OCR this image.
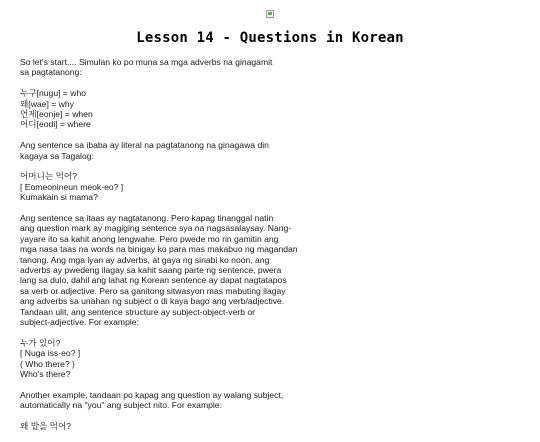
Lesson 14 - Questions in Korean

So let's start.... Simulan ko po muna sa mga adverbs na ginagamit
sa pagtatanong:

누구[nugu] = who
왜[wae] = why
언제[eonje] = when
어디[eodi] = where

Ang sentence sa ibaba ay literal na pagtatanong na ginagawa din
kagaya sa Tagalog:

어머니는 먹어?
[ Eomeonineun meok-eo? ]
Kumakain si mama?

Ang sentence sa itaas ay nagtatanong. Pero kapag tinanggal natin
ang question mark ay magiging sentence sya na nagsasalaysay. Nang-
yayare ito sa kahit anong lengwahe. Pero pwede mo rin gamitin ang
mga nasa taas na words na binigay ko para mas makabuo ng magandan
tanong. Ang mga iyan ay adverbs, at gaya ng sinabi ko noon, ang
adverbs ay pwedeng ilagay sa kahit saang parte ng sentence, pwera
lang sa dulo, dahil ang lahat ng Korean sentence ay dapat nagtatapos
sa verb or adjective. Pero sa ganitong sitwasyon mas mabuting ilagay
ang adverbs sa unahan ng subject o di kaya bago ang verb/adjective.
Tandaan ulit, ang sentence structure ay subject-object-verb or
subject-adjective. For example:

누가 있어?
[ Nuga iss-eo? ]
( Who there? )
Who's there?

Another example, tandaan po kapag ang question ay walang subject,
automatically na "you" ang subject nito. For example:

왜 밥을 먹어?
